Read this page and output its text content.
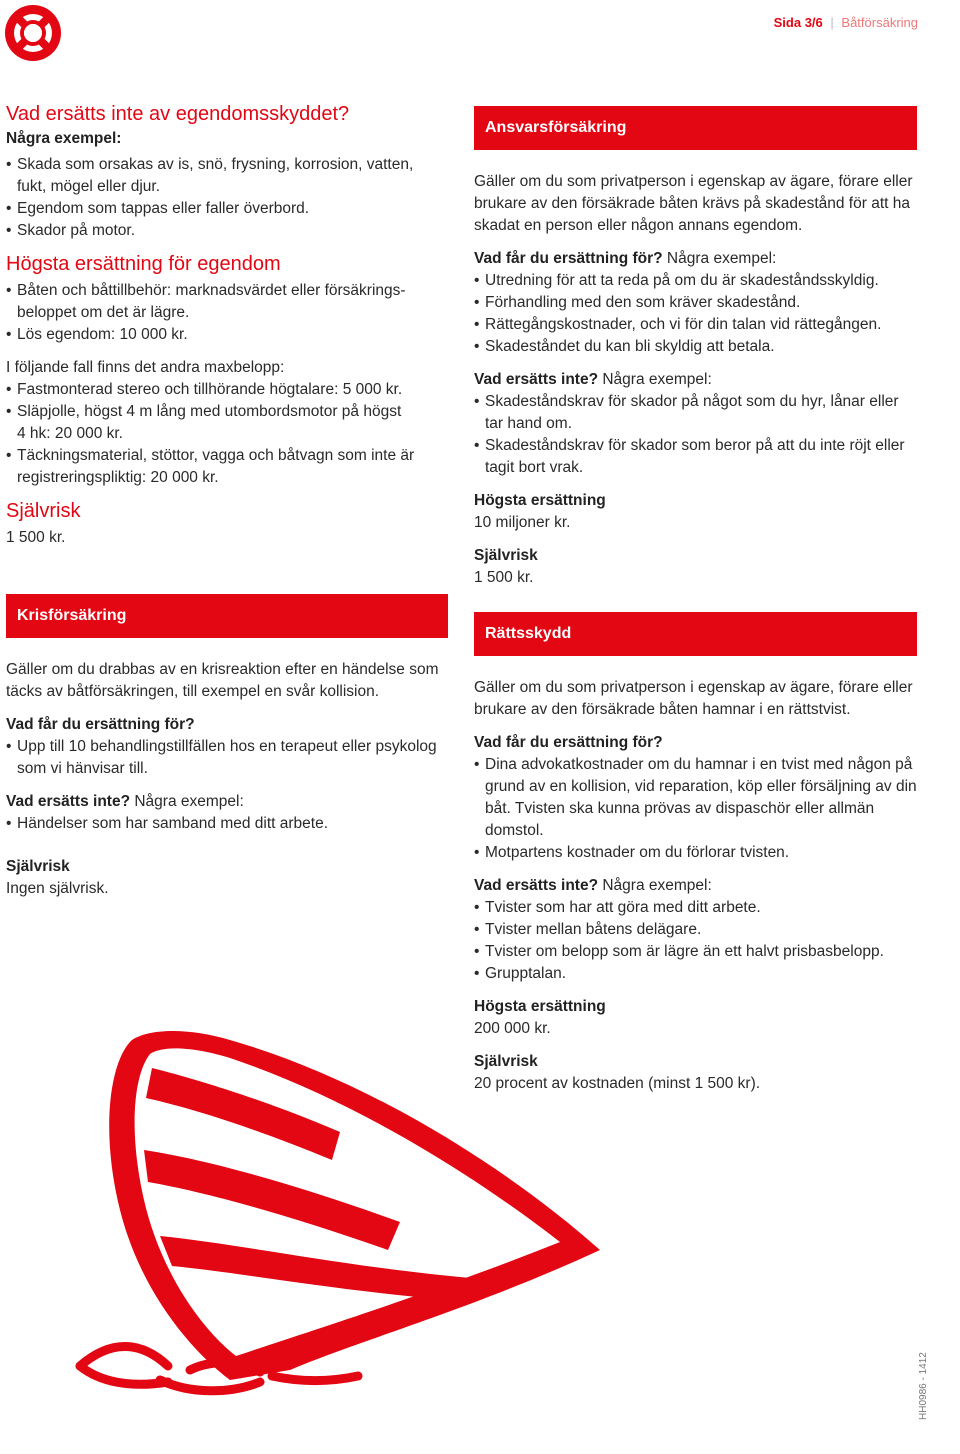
Sida 3/6 | Båtförsäkring
Vad ersätts inte av egendomsskyddet?

Några exempel:

• Skada som orsakas av is, snö, frysning, korrosion, vatten, fukt, mögel eller djur.
• Egendom som tappas eller faller överbord.
• Skador på motor.
Högsta ersättning för egendom
• Båten och båttillbehör: marknadsvärdet eller försäkrings-beloppet om det är lägre.
• Lös egendom: 10 000 kr.

I följande fall finns det andra maxbelopp:

• Fastmonterad stereo och tillhörande högtalare: 5 000 kr.
• Släpjolle, högst 4 m lång med utombordsmotor på högst 4 hk: 20 000 kr.
• Täckningsmaterial, stöttor, vagga och båtvagn som inte är registreringspliktig: 20 000 kr.
Självrisk

1 500 kr.

Krisförsäkring

Gäller om du drabbas av en krisreaktion efter en händelse som täcks av båtförsäkringen, till exempel en svår kollision.

Vad får du ersättning för?

• Upp till 10 behandlingstillfällen hos en terapeut eller psykolog som vi hänvisar till.

Vad ersätts inte? Några exempel:

• Händelser som har samband med ditt arbete.

Självrisk

Ingen självrisk.

Ansvarsförsäkring

Gäller om du som privatperson i egenskap av ägare, förare eller brukare av den försäkrade båten krävs på skadestånd för att ha skadat en person eller någon annans egendom.

Vad får du ersättning för? Några exempel:

• Utredning för att ta reda på om du är skadeståndsskyldig.
• Förhandling med den som kräver skadestånd.
• Rättegångskostnader, och vi för din talan vid rättegången.
• Skadeståndet du kan bli skyldig att betala.

Vad ersätts inte? Några exempel:

• Skadeståndskrav för skador på något som du hyr, lånar eller tar hand om.
• Skadeståndskrav för skador som beror på att du inte röjt eller tagit bort vrak.

Högsta ersättning

10 miljoner kr.

Självrisk

1 500 kr.

Rättsskydd

Gäller om du som privatperson i egenskap av ägare, förare eller brukare av den försäkrade båten hamnar i en rättstvist.

Vad får du ersättning för?

• Dina advokatkostnader om du hamnar i en tvist med någon på grund av en kollision, vid reparation, köp eller försäljning av din båt. Tvisten ska kunna prövas av dispaschör eller allmän domstol.
• Motpartens kostnader om du förlorar tvisten.

Vad ersätts inte? Några exempel:

• Tvister som har att göra med ditt arbete.
• Tvister mellan båtens delägare.
• Tvister om belopp som är lägre än ett halvt prisbasbelopp.
• Grupptalan.

Högsta ersättning

200 000 kr.

Självrisk

20 procent av kostnaden (minst 1 500 kr).

HH0986 - 1412
